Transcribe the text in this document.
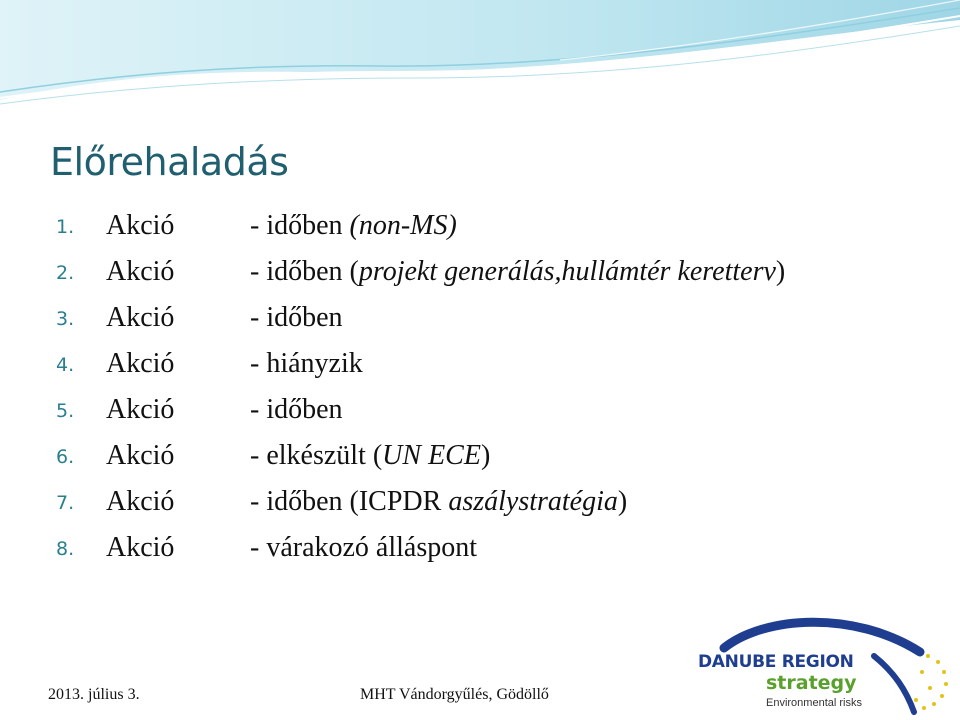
Előrehaladás
1.	Akció	- időben (non-MS)
2.	Akció	- időben (projekt generálás,hullámtér keretterv)
3.	Akció	- időben
4.	Akció	- hiányzik
5.	Akció	- időben
6.	Akció	- elkészült (UN ECE)
7.	Akció	- időben (ICPDR aszálystratégia)
8.	Akció	- várakozó álláspont
2013. július 3.	MHT Vándorgyűlés, Gödöllő
DANUBE REGION
strategy
Environmental risks
